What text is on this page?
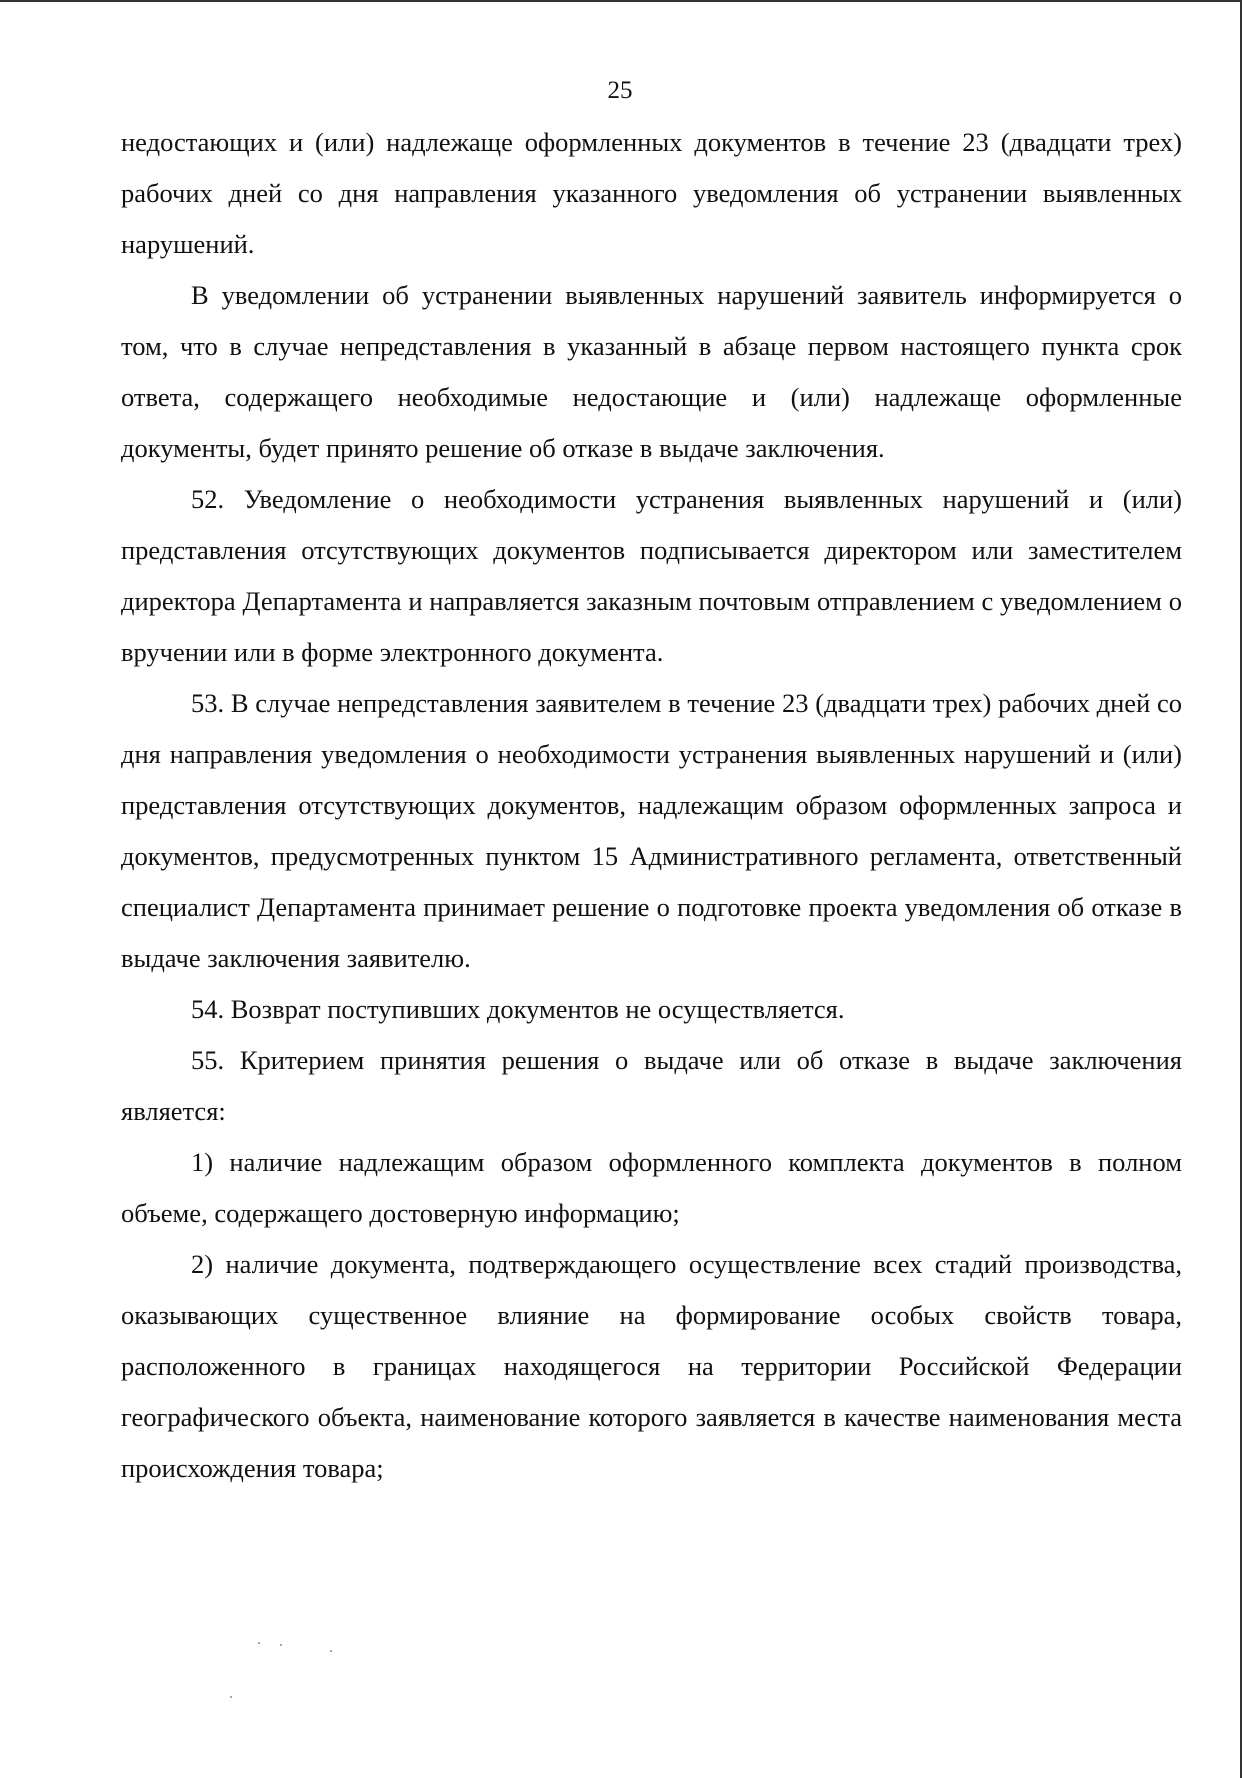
25

недостающих и (или) надлежаще оформленных документов в течение 23 (двадцати трех) рабочих дней со дня направления указанного уведомления об устранении выявленных нарушений.

В уведомлении об устранении выявленных нарушений заявитель информируется о том, что в случае непредставления в указанный в абзаце первом настоящего пункта срок ответа, содержащего необходимые недостающие и (или) надлежаще оформленные документы, будет принято решение об отказе в выдаче заключения.

52. Уведомление о необходимости устранения выявленных нарушений и (или) представления отсутствующих документов подписывается директором или заместителем директора Департамента и направляется заказным почтовым отправлением с уведомлением о вручении или в форме электронного документа.

53. В случае непредставления заявителем в течение 23 (двадцати трех) рабочих дней со дня направления уведомления о необходимости устранения выявленных нарушений и (или) представления отсутствующих документов, надлежащим образом оформленных запроса и документов, предусмотренных пунктом 15 Административного регламента, ответственный специалист Департамента принимает решение о подготовке проекта уведомления об отказе в выдаче заключения заявителю.

54. Возврат поступивших документов не осуществляется.

55. Критерием принятия решения о выдаче или об отказе в выдаче заключения является:

1) наличие надлежащим образом оформленного комплекта документов в полном объеме, содержащего достоверную информацию;

2) наличие документа, подтверждающего осуществление всех стадий производства, оказывающих существенное влияние на формирование особых свойств товара, расположенного в границах находящегося на территории Российской Федерации географического объекта, наименование которого заявляется в качестве наименования места происхождения товара;
